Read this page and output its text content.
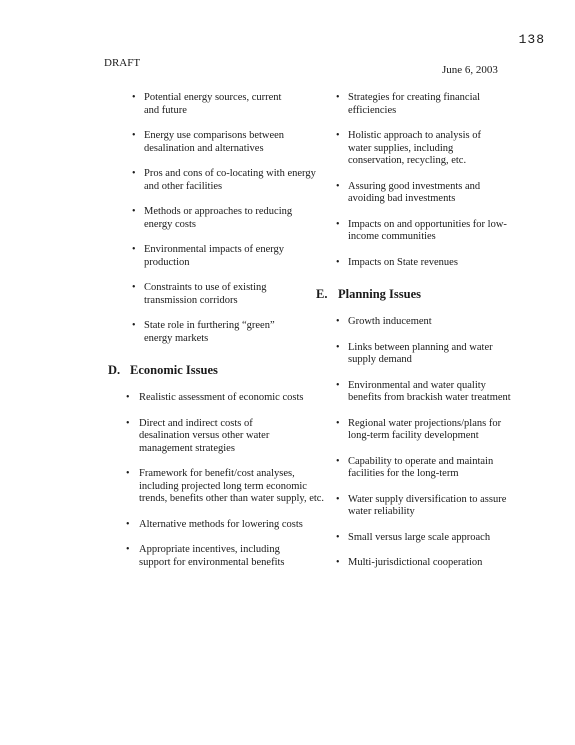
138
DRAFT
June 6, 2003
• Potential energy sources, current and future
• Energy use comparisons between desalination and alternatives
• Pros and cons of co-locating with energy and other facilities
• Methods or approaches to reducing energy costs
• Environmental impacts of energy production
• Constraints to use of existing transmission corridors
• State role in furthering “green” energy markets
D. Economic Issues
• Realistic assessment of economic costs
• Direct and indirect costs of desalination versus other water management strategies
• Framework for benefit/cost analyses, including projected long term economic trends, benefits other than water supply, etc.
• Alternative methods for lowering costs
• Appropriate incentives, including support for environmental benefits
• Strategies for creating financial efficiencies
• Holistic approach to analysis of water supplies, including conservation, recycling, etc.
• Assuring good investments and avoiding bad investments
• Impacts on and opportunities for low-income communities
• Impacts on State revenues
E. Planning Issues
• Growth inducement
• Links between planning and water supply demand
• Environmental and water quality benefits from brackish water treatment
• Regional water projections/plans for long-term facility development
• Capability to operate and maintain facilities for the long-term
• Water supply diversification to assure water reliability
• Small versus large scale approach
• Multi-jurisdictional cooperation
